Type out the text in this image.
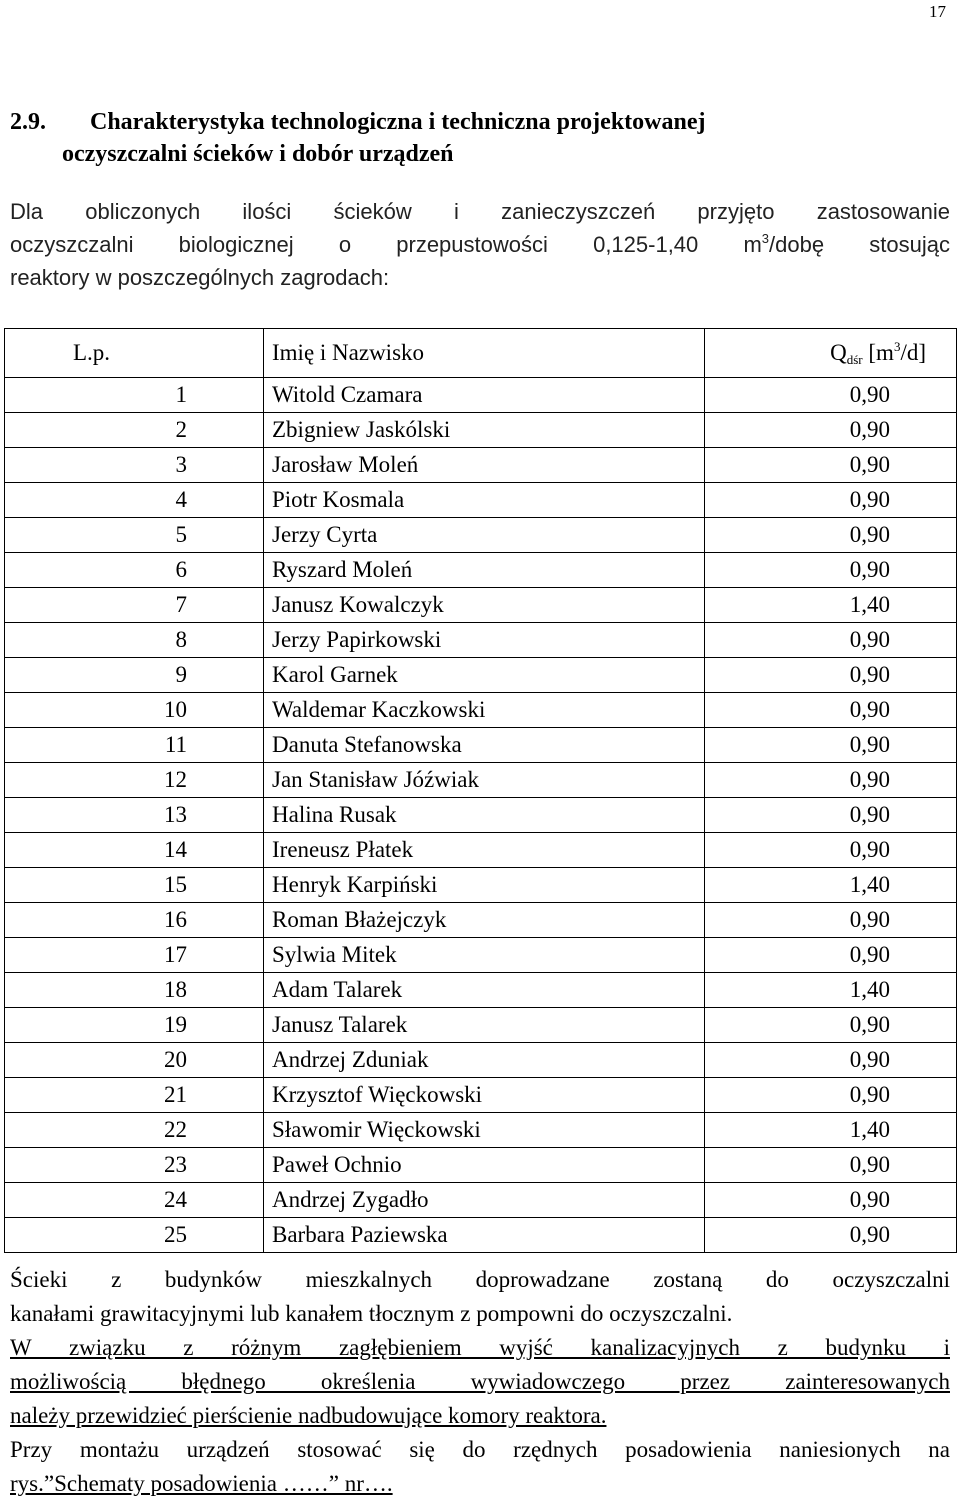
17
2.9. Charakterystyka technologiczna i techniczna projektowanej
oczyszczalni ścieków i dobór urządzeń

Dla obliczonych ilości ścieków i zanieczyszczeń przyjęto zastosowanie

oczyszczalni biologicznej o przepustowości 0,125-1,40 $m^3$/dobę stosując

reaktory w poszczególnych zagrodach:

L.p.	Imię i Nazwisko	$Q_{dśr}$ $[m^3/d]$
1	Witold Czamara	0,90
2	Zbigniew Jaskólski	0,90
3	Jarosław Moleń	0,90
4	Piotr Kosmala	0,90
5	Jerzy Cyrta	0,90
6	Ryszard Moleń	0,90
7	Janusz Kowalczyk	1,40
8	Jerzy Papirkowski	0,90
9	Karol Garnek	0,90
10	Waldemar Kaczkowski	0,90
11	Danuta Stefanowska	0,90
12	Jan Stanisław Jóźwiak	0,90
13	Halina Rusak	0,90
14	Ireneusz Płatek	0,90
15	Henryk Karpiński	1,40
16	Roman Błażejczyk	0,90
17	Sylwia Mitek	0,90
18	Adam Talarek	1,40
19	Janusz Talarek	0,90
20	Andrzej Zduniak	0,90
21	Krzysztof Więckowski	0,90
22	Sławomir Więckowski	1,40
23	Paweł Ochnio	0,90
24	Andrzej Zygadło	0,90
25	Barbara Paziewska	0,90

Ścieki z budynków mieszkalnych doprowadzane zostaną do oczyszczalni

kanałami grawitacyjnymi lub kanałem tłocznym z pompowni do oczyszczalni.

W związku z różnym zagłębieniem wyjść kanalizacyjnych z budynku i

możliwością błędnego określenia wywiadowczego przez zainteresowanych

należy przewidzieć pierścienie nadbudowujące komory reaktora.

Przy montażu urządzeń stosować się do rzędnych posadowienia naniesionych na

rys.”Schematy posadowienia ……” nr….
